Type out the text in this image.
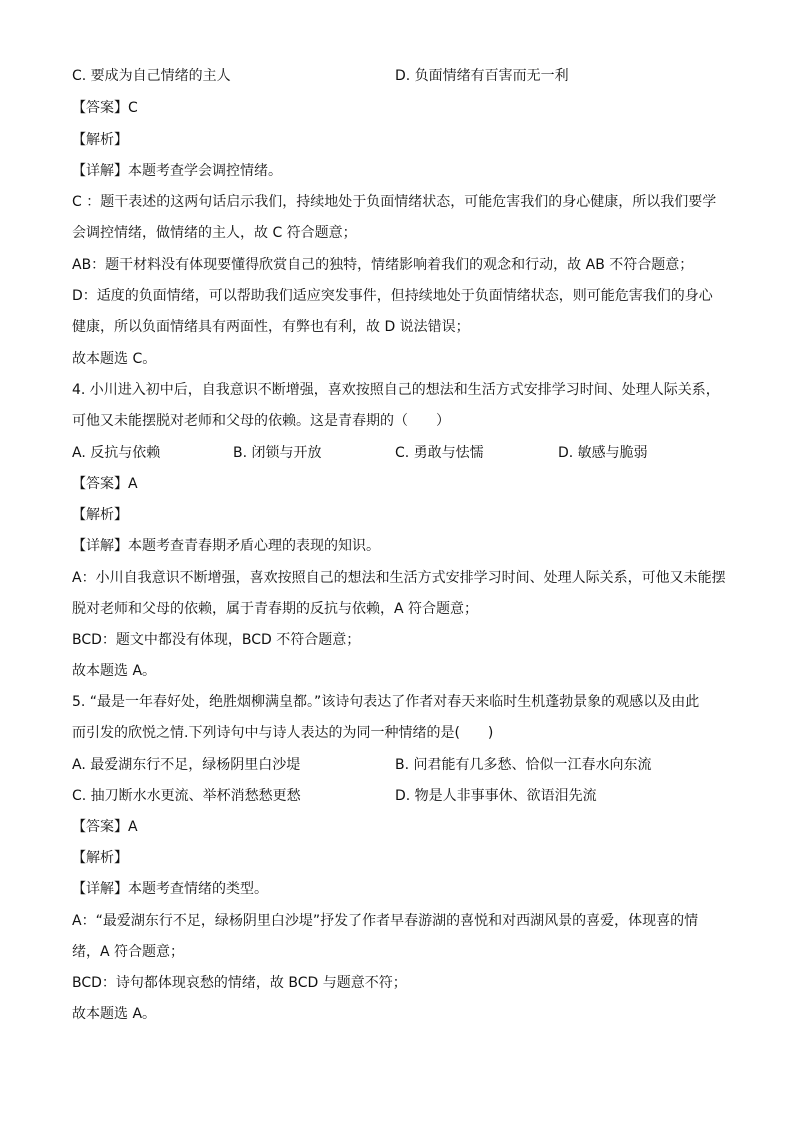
C. 要成为自己情绪的主人	D. 负面情绪有百害而无一利
【答案】C
【解析】
【详解】本题考查学会调控情绪。
C ：题干表述的这两句话启示我们，持续地处于负面情绪状态，可能危害我们的身心健康，所以我们要学
会调控情绪，做情绪的主人，故 C 符合题意；
AB：题干材料没有体现要懂得欣赏自己的独特，情绪影响着我们的观念和行动，故 AB 不符合题意；
D：适度的负面情绪，可以帮助我们适应突发事件，但持续地处于负面情绪状态，则可能危害我们的身心
健康，所以负面情绪具有两面性，有弊也有利，故 D 说法错误；
故本题选 C。
4. 小川进入初中后，自我意识不断增强，喜欢按照自己的想法和生活方式安排学习时间、处理人际关系，
可他又未能摆脱对老师和父母的依赖。这是青春期的（　　）
A. 反抗与依赖	B. 闭锁与开放	C. 勇敢与怯懦	D. 敏感与脆弱
【答案】A
【解析】
【详解】本题考查青春期矛盾心理的表现的知识。
A：小川自我意识不断增强，喜欢按照自己的想法和生活方式安排学习时间、处理人际关系，可他又未能摆
脱对老师和父母的依赖，属于青春期的反抗与依赖，A 符合题意；
BCD：题文中都没有体现，BCD 不符合题意；
故本题选 A。
5. “最是一年春好处，绝胜烟柳满皇都。”该诗句表达了作者对春天来临时生机蓬勃景象的观感以及由此
而引发的欣悦之情.下列诗句中与诗人表达的为同一种情绪的是(　　)
A. 最爱湖东行不足，绿杨阴里白沙堤	B. 问君能有几多愁、恰似一江春水向东流
C. 抽刀断水水更流、举杯消愁愁更愁	D. 物是人非事事休、欲语泪先流
【答案】A
【解析】
【详解】本题考查情绪的类型。
A：“最爱湖东行不足，绿杨阴里白沙堤”抒发了作者早春游湖的喜悦和对西湖风景的喜爱，体现喜的情
绪，A 符合题意；
BCD：诗句都体现哀愁的情绪，故 BCD 与题意不符；
故本题选 A。
